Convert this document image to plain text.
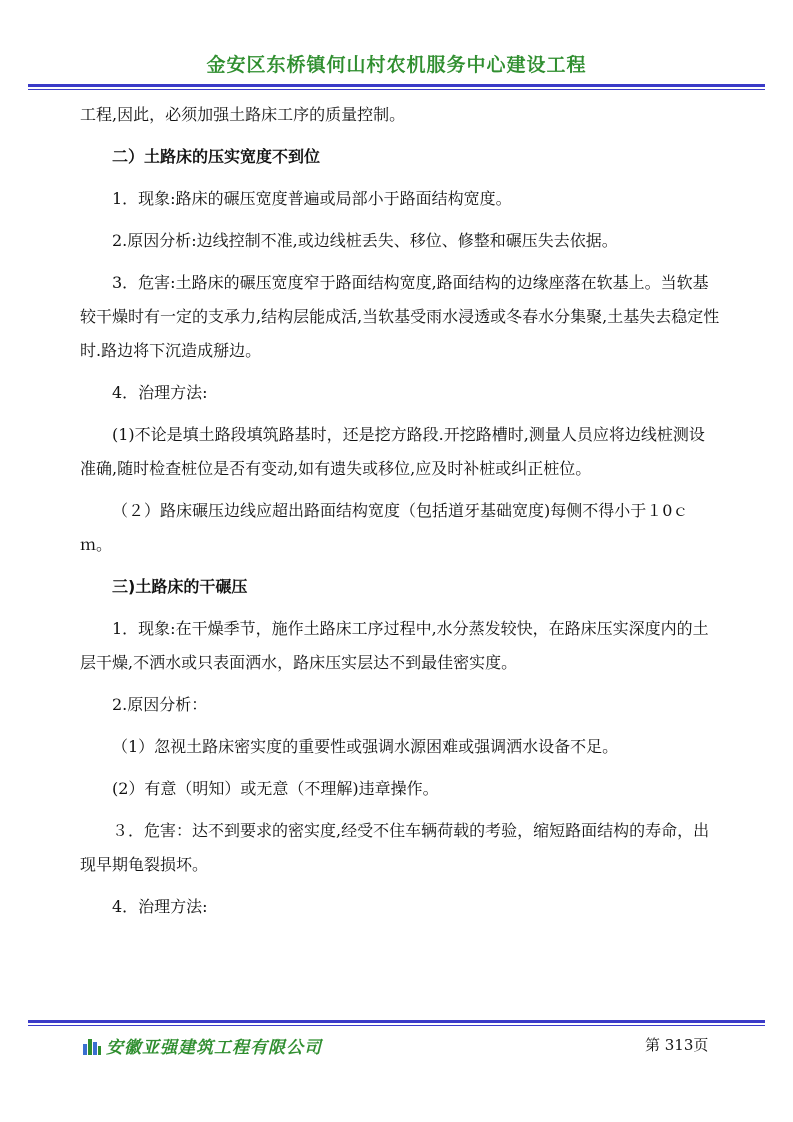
金安区东桥镇何山村农机服务中心建设工程

工程,因此，必须加强土路床工序的质量控制。

二）土路床的压实宽度不到位

1．现象:路床的碾压宽度普遍或局部小于路面结构宽度。

2.原因分析:边线控制不准,或边线桩丢失、移位、修整和碾压失去依据。

3．危害:土路床的碾压宽度窄于路面结构宽度,路面结构的边缘座落在软基上。当软基较干燥时有一定的支承力,结构层能成活,当软基受雨水浸透或冬春水分集聚,土基失去稳定性时.路边将下沉造成掰边。

4．治理方法:

(1)不论是填土路段填筑路基时，还是挖方路段.开挖路槽时,测量人员应将边线桩测设准确,随时检查桩位是否有变动,如有遗失或移位,应及时补桩或纠正桩位。

（２）路床碾压边线应超出路面结构宽度（包括道牙基础宽度)每侧不得小于１0ｃｍ。

三)土路床的干碾压

1．现象:在干燥季节，施作土路床工序过程中,水分蒸发较快，在路床压实深度内的土层干燥,不洒水或只表面洒水，路床压实层达不到最佳密实度。

2.原因分析：

（1）忽视土路床密实度的重要性或强调水源困难或强调洒水设备不足。

(2）有意（明知）或无意（不理解)违章操作。

３．危害：达不到要求的密实度,经受不住车辆荷载的考验，缩短路面结构的寿命，出现早期龟裂损坏。

4．治理方法:

安徽亚强建筑工程有限公司	第 313页
